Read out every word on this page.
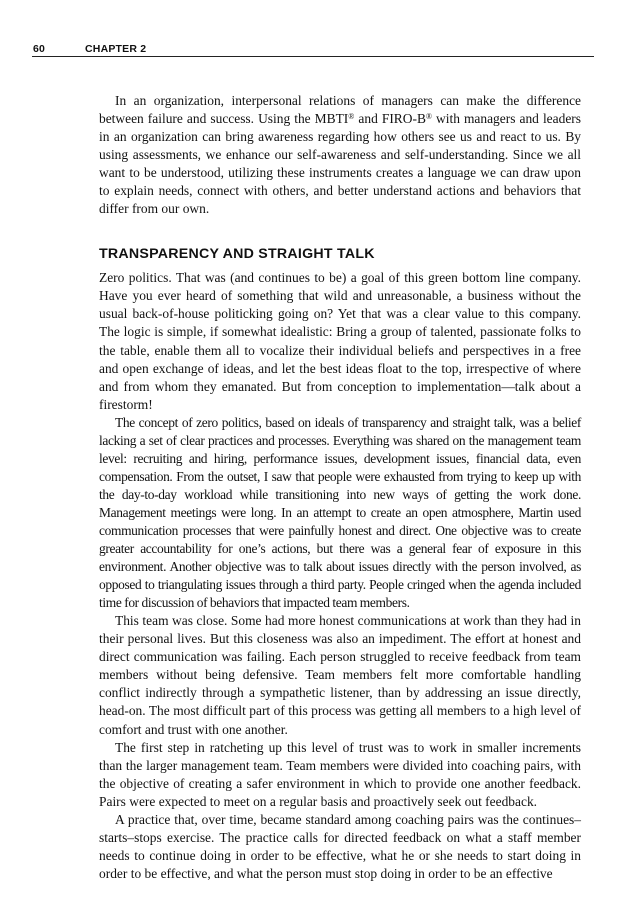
60	CHAPTER 2

In an organization, interpersonal relations of managers can make the difference between failure and success. Using the MBTI® and FIRO-B® with managers and leaders in an organization can bring awareness regarding how others see us and react to us. By using assessments, we enhance our self-awareness and self-understanding. Since we all want to be understood, utilizing these instruments creates a language we can draw upon to explain needs, connect with others, and better understand actions and behaviors that differ from our own.

TRANSPARENCY AND STRAIGHT TALK

Zero politics. That was (and continues to be) a goal of this green bottom line company. Have you ever heard of something that wild and unreasonable, a business without the usual back-of-house politicking going on? Yet that was a clear value to this company. The logic is simple, if somewhat idealistic: Bring a group of talented, passionate folks to the table, enable them all to vocalize their individual beliefs and perspectives in a free and open exchange of ideas, and let the best ideas float to the top, irrespective of where and from whom they emanated. But from conception to implementation—talk about a firestorm!

The concept of zero politics, based on ideals of transparency and straight talk, was a belief lacking a set of clear practices and processes. Everything was shared on the management team level: recruiting and hiring, performance issues, development issues, financial data, even compensation. From the outset, I saw that people were exhausted from trying to keep up with the day-to-day workload while transitioning into new ways of getting the work done. Management meetings were long. In an attempt to create an open atmosphere, Martin used communication processes that were painfully honest and direct. One objective was to create greater accountability for one’s actions, but there was a general fear of exposure in this environment. Another objective was to talk about issues directly with the person involved, as opposed to triangulating issues through a third party. People cringed when the agenda included time for discussion of behaviors that impacted team members.

This team was close. Some had more honest communications at work than they had in their personal lives. But this closeness was also an impediment. The effort at honest and direct communication was failing. Each person struggled to receive feedback from team members without being defensive. Team members felt more comfortable handling conflict indirectly through a sympathetic listener, than by addressing an issue directly, head-on. The most difficult part of this process was getting all members to a high level of comfort and trust with one another.

The first step in ratcheting up this level of trust was to work in smaller increments than the larger management team. Team members were divided into coaching pairs, with the objective of creating a safer environment in which to provide one another feedback. Pairs were expected to meet on a regular basis and proactively seek out feedback.

A practice that, over time, became standard among coaching pairs was the continues–starts–stops exercise. The practice calls for directed feedback on what a staff member needs to continue doing in order to be effective, what he or she needs to start doing in order to be effective, and what the person must stop doing in order to be an effective
